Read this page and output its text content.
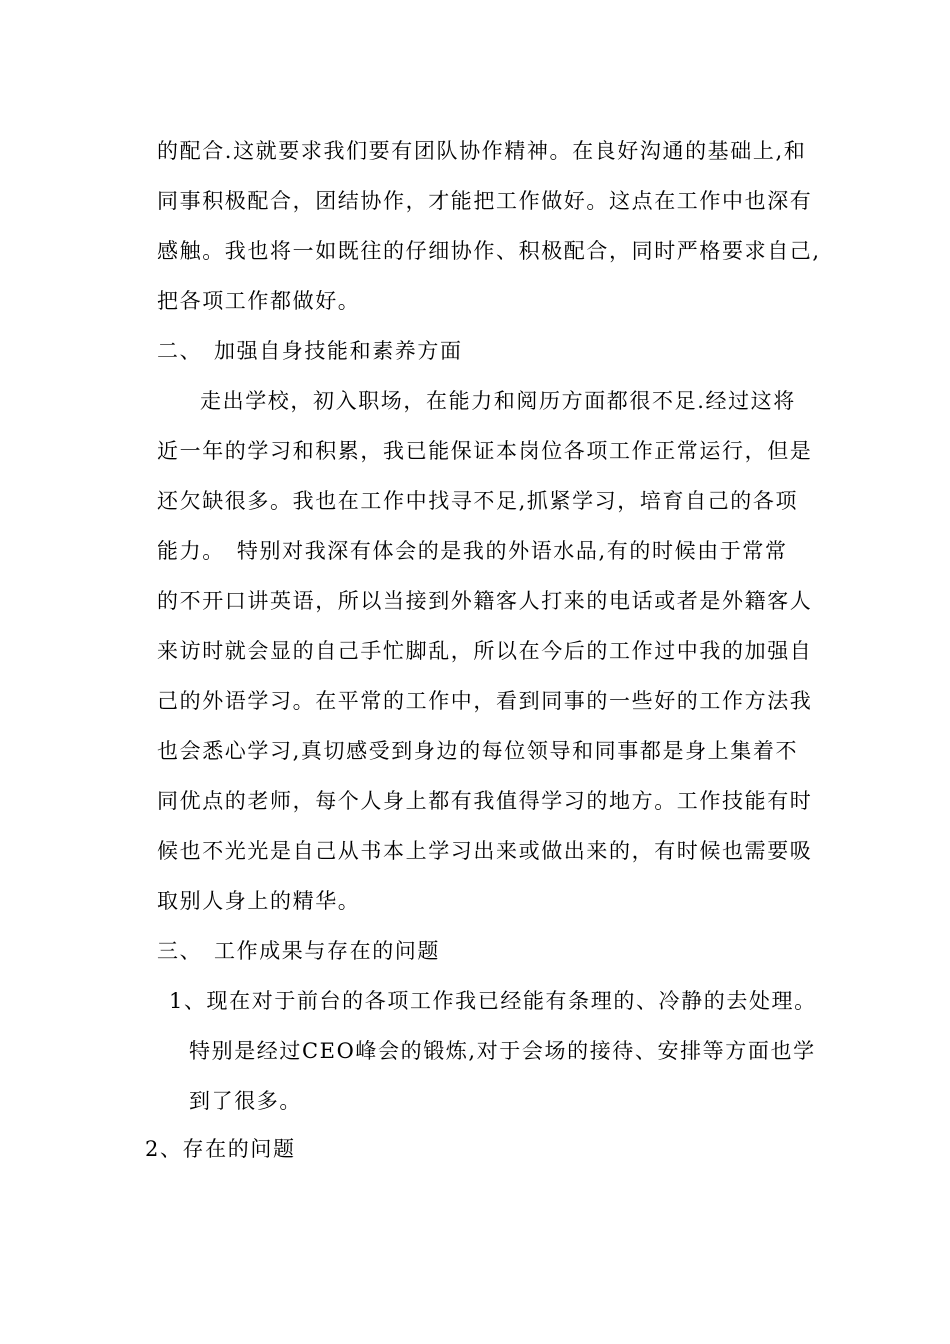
的配合.这就要求我们要有团队协作精神。在良好沟通的基础上,和
同事积极配合，团结协作，才能把工作做好。这点在工作中也深有
感触。我也将一如既往的仔细协作、积极配合，同时严格要求自己,
把各项工作都做好。
二、 加强自身技能和素养方面
走出学校，初入职场，在能力和阅历方面都很不足.经过这将
近一年的学习和积累，我已能保证本岗位各项工作正常运行，但是
还欠缺很多。我也在工作中找寻不足,抓紧学习，培育自己的各项
能力。　特别对我深有体会的是我的外语水品,有的时候由于常常
的不开口讲英语，所以当接到外籍客人打来的电话或者是外籍客人
来访时就会显的自己手忙脚乱，所以在今后的工作过中我的加强自
己的外语学习。在平常的工作中，看到同事的一些好的工作方法我
也会悉心学习,真切感受到身边的每位领导和同事都是身上集着不
同优点的老师，每个人身上都有我值得学习的地方。工作技能有时
候也不光光是自己从书本上学习出来或做出来的，有时候也需要吸
取别人身上的精华。
三、 工作成果与存在的问题
1、现在对于前台的各项工作我已经能有条理的、冷静的去处理。
特别是经过CEO峰会的锻炼,对于会场的接待、安排等方面也学
到了很多。
2、存在的问题
